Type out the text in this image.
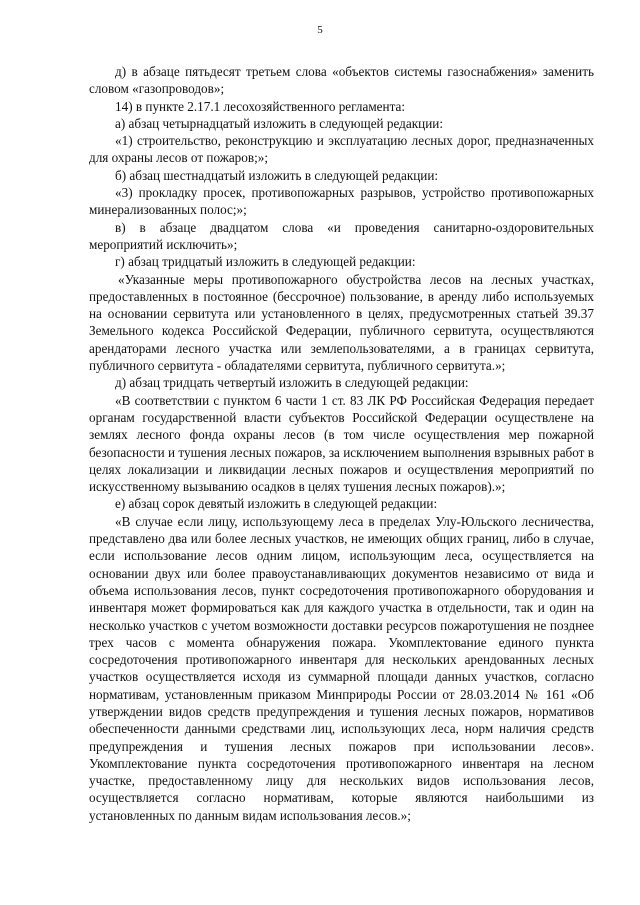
5

д) в абзаце пятьдесят третьем слова «объектов системы газоснабжения» заменить словом «газопроводов»;

14) в пункте 2.17.1 лесохозяйственного регламента:

а) абзац четырнадцатый изложить в следующей редакции:

«1) строительство, реконструкцию и эксплуатацию лесных дорог, предназначенных для охраны лесов от пожаров;»;

б) абзац шестнадцатый изложить в следующей редакции:

«3) прокладку просек, противопожарных разрывов, устройство противопожарных минерализованных полос;»;

в) в абзаце двадцатом слова «и проведения санитарно-оздоровительных мероприятий исключить»;

г) абзац тридцатый изложить в следующей редакции:

«Указанные меры противопожарного обустройства лесов на лесных участках, предоставленных в постоянное (бессрочное) пользование, в аренду либо используемых на основании сервитута или установленного в целях, предусмотренных статьей 39.37 Земельного кодекса Российской Федерации, публичного сервитута, осуществляются арендаторами лесного участка или землепользователями, а в границах сервитута, публичного сервитута - обладателями сервитута, публичного сервитута.»;

д) абзац тридцать четвертый изложить в следующей редакции:

«В соответствии с пунктом 6 части 1 ст. 83 ЛК РФ Российская Федерация передает органам государственной власти субъектов Российской Федерации осуществлене на землях лесного фонда охраны лесов (в том числе осуществления мер пожарной безопасности и тушения лесных пожаров, за исключением выполнения взрывных работ в целях локализации и ликвидации лесных пожаров и осуществления мероприятий по искусственному вызыванию осадков в целях тушения лесных пожаров).»;

е) абзац сорок девятый изложить в следующей редакции:

«В случае если лицу, использующему леса в пределах Улу-Юльского лесничества, представлено два или более лесных участков, не имеющих общих границ, либо в случае, если использование лесов одним лицом, использующим леса, осуществляется на основании двух или более правоустанавливающих документов независимо от вида и объема использования лесов, пункт сосредоточения противопожарного оборудования и инвентаря может формироваться как для каждого участка в отдельности, так и один на несколько участков с учетом возможности доставки ресурсов пожаротушения не позднее трех часов с момента обнаружения пожара. Укомплектование единого пункта сосредоточения противопожарного инвентаря для нескольких арендованных лесных участков осуществляется исходя из суммарной площади данных участков, согласно нормативам, установленным приказом Минприроды России от 28.03.2014 № 161 «Об утверждении видов средств предупреждения и тушения лесных пожаров, нормативов обеспеченности данными средствами лиц, использующих леса, норм наличия средств предупреждения и тушения лесных пожаров при использовании лесов». Укомплектование пункта сосредоточения противопожарного инвентаря на лесном участке, предоставленному лицу для нескольких видов использования лесов, осуществляется согласно нормативам, которые являются наибольшими из установленных по данным видам использования лесов.»;
